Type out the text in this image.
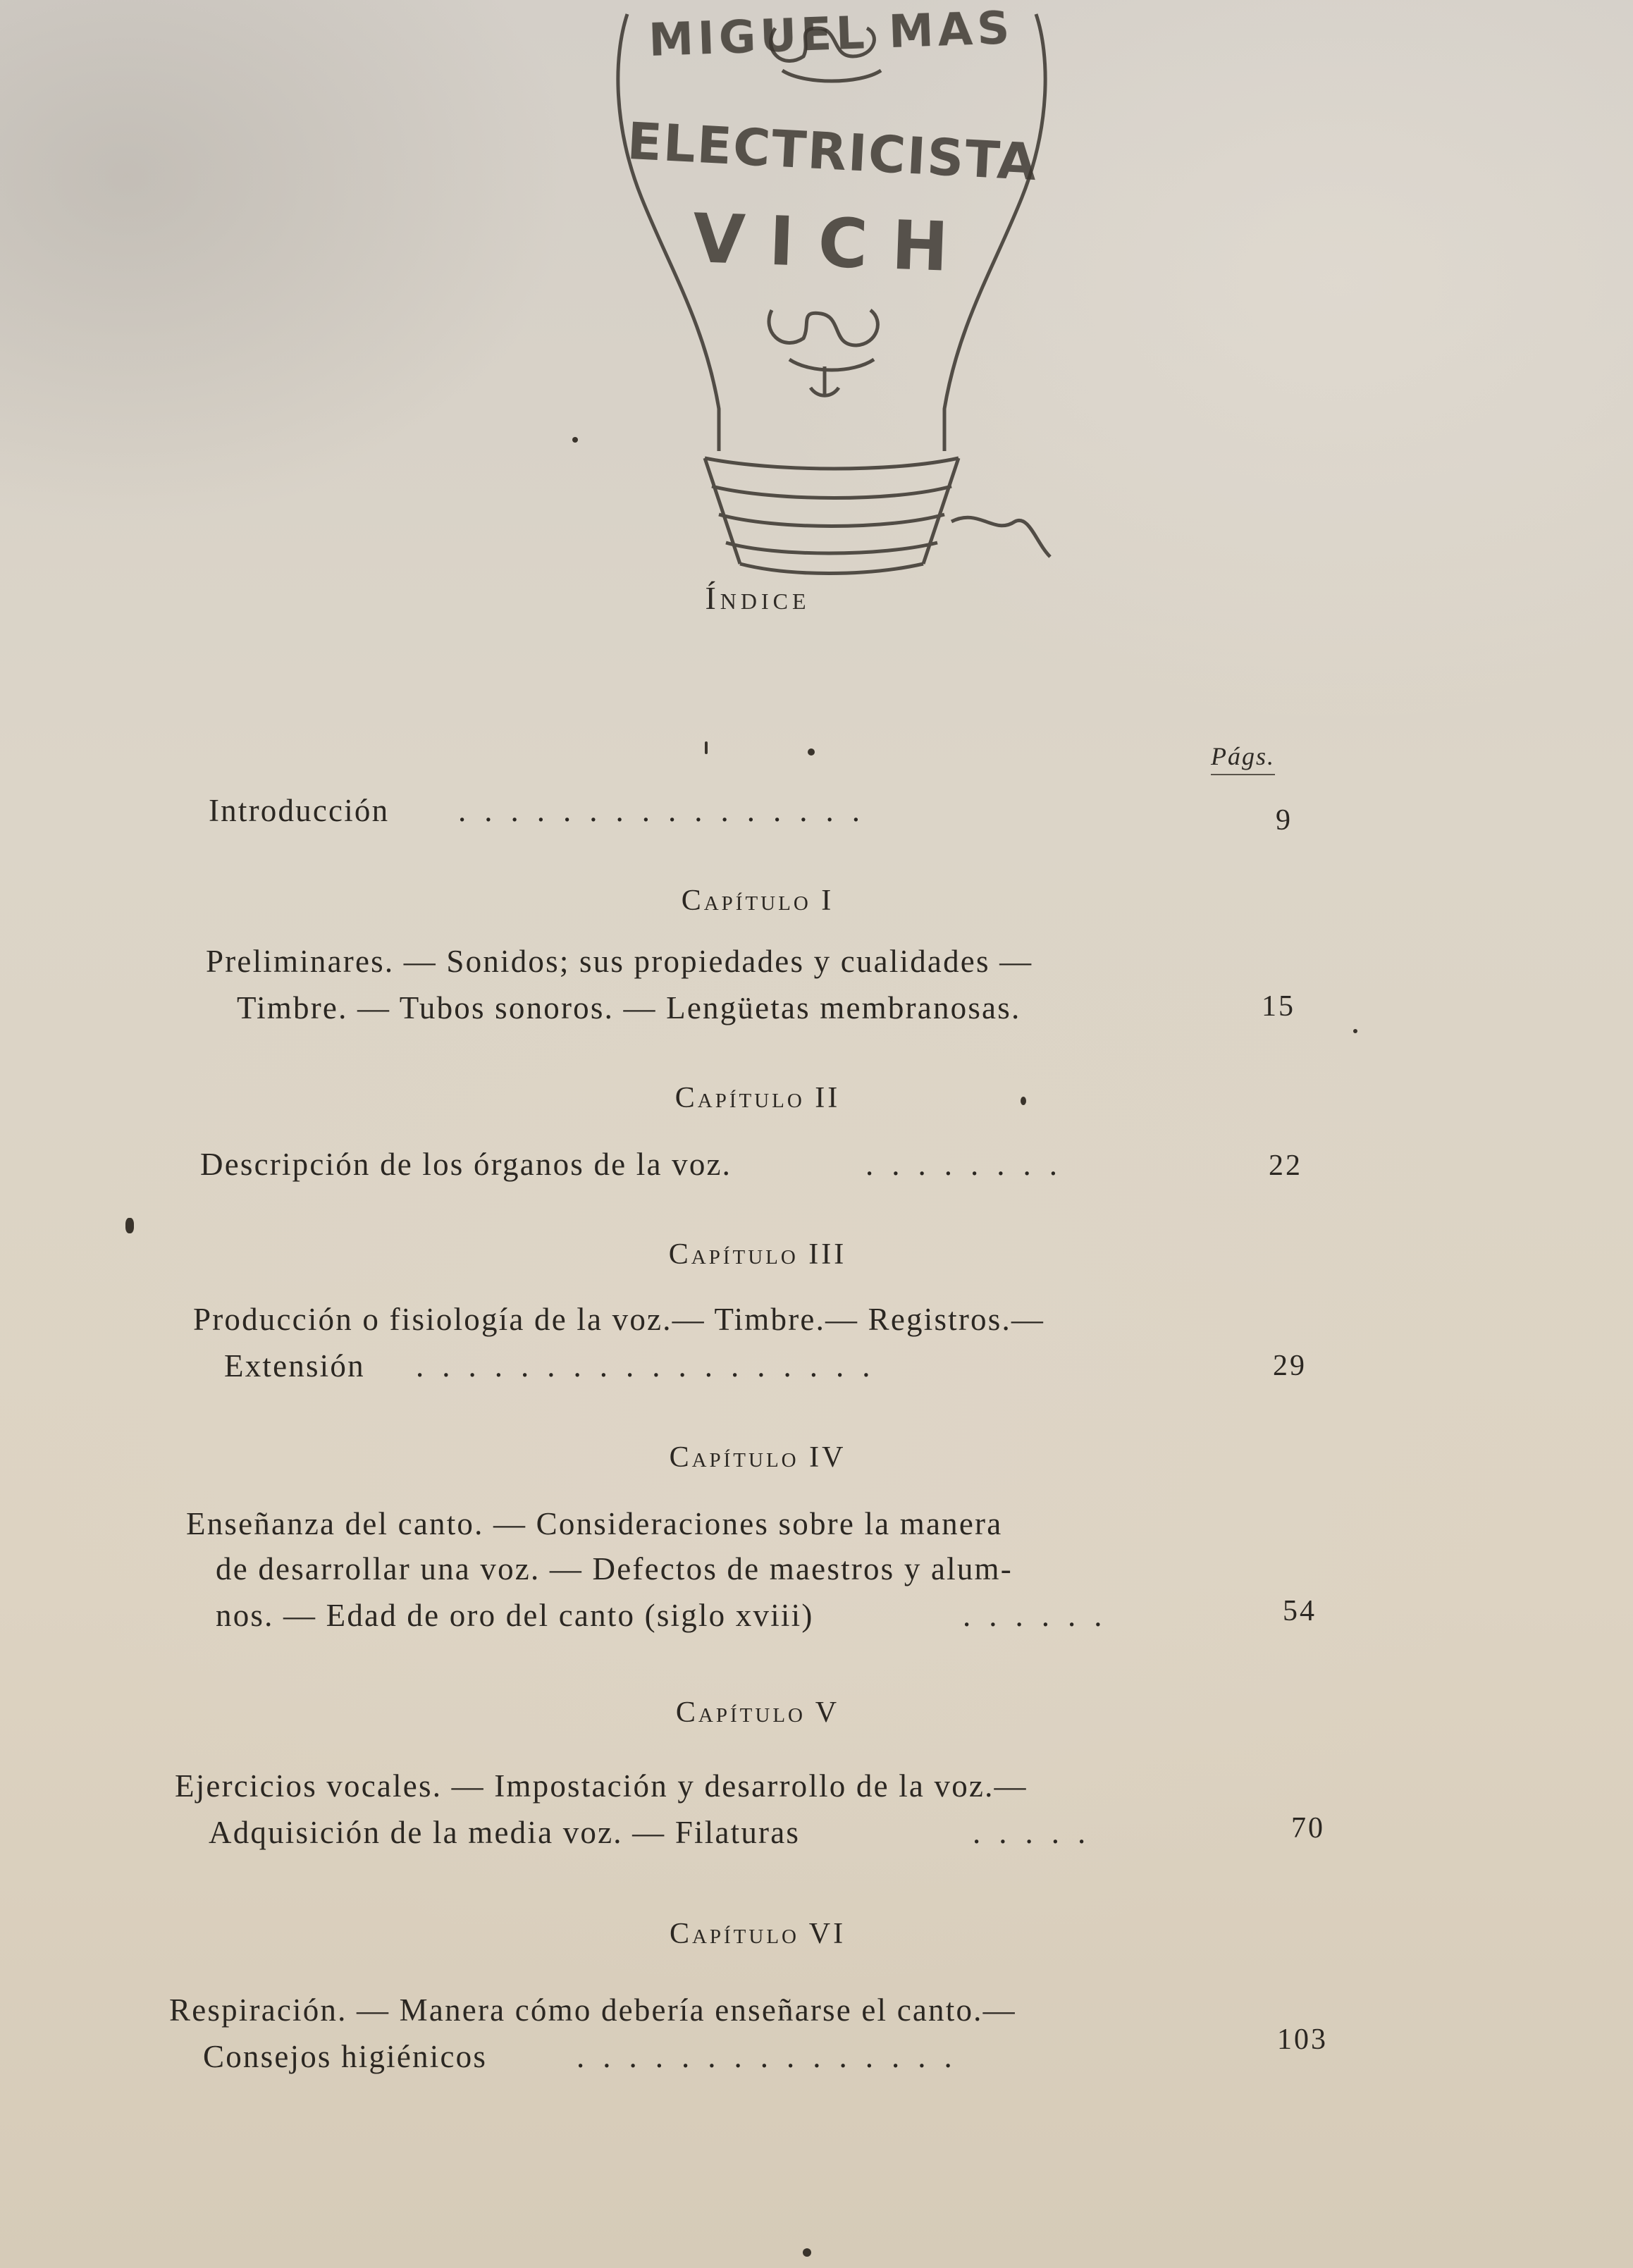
MIGUEL MAS
ELECTRICISTA
VICH
Índice
Págs.
Introducción ................	9
Capítulo I
Preliminares. — Sonidos; sus propiedades y cualidades —
Timbre. — Tubos sonoros. — Lengüetas membranosas.	15
Capítulo II
Descripción de los órganos de la voz.	........	22
Capítulo III
Producción o fisiología de la voz.— Timbre.— Registros.—
Extensión ..................	29
Capítulo IV
Enseñanza del canto. — Consideraciones sobre la manera
de desarrollar una voz. — Defectos de maestros y alum-
nos. — Edad de oro del canto (siglo xviii)	......	54
Capítulo V
Ejercicios vocales. — Impostación y desarrollo de la voz.—
Adquisición de la media voz. — Filaturas	.....	70
Capítulo VI
Respiración. — Manera cómo debería enseñarse el canto.—
Consejos higiénicos	...............	103
